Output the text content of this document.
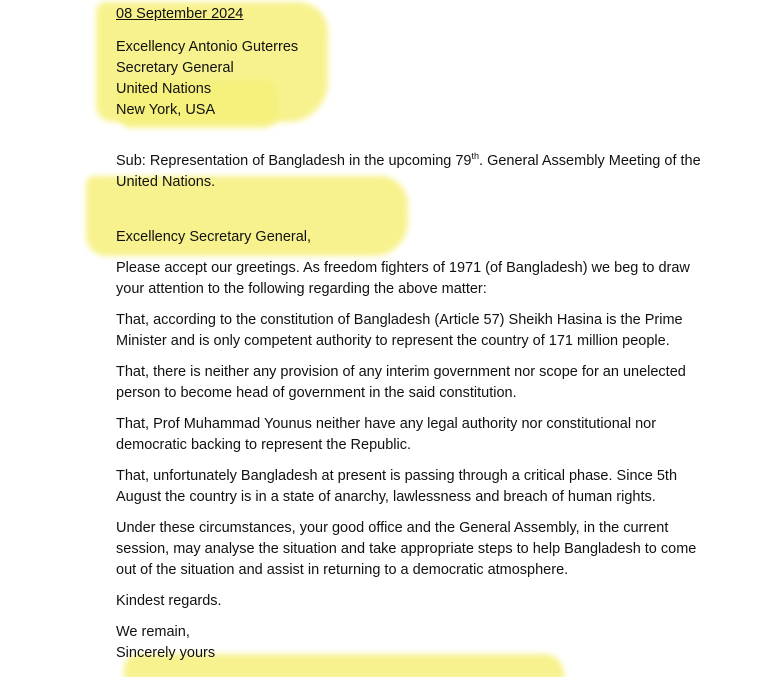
08 September 2024
Excellency Antonio Guterres
Secretary General
United Nations
New York, USA
Sub: Representation of Bangladesh in the upcoming 79th. General Assembly Meeting of the
United Nations.
Excellency Secretary General,

Please accept our greetings. As freedom fighters of 1971 (of Bangladesh) we beg to draw
your attention to the following regarding the above matter:

That, according to the constitution of Bangladesh (Article 57) Sheikh Hasina is the Prime
Minister and is only competent authority to represent the country of 171 million people.

That, there is neither any provision of any interim government nor scope for an unelected
person to become head of government in the said constitution.

That, Prof Muhammad Younus neither have any legal authority nor constitutional nor
democratic backing to represent the Republic.

That, unfortunately Bangladesh at present is passing through a critical phase. Since 5th
August the country is in a state of anarchy, lawlessness and breach of human rights.

Under these circumstances, your good office and the General Assembly, in the current
session, may analyse the situation and take appropriate steps to help Bangladesh to come
out of the situation and assist in returning to a democratic atmosphere.

Kindest regards.

We remain,
Sincerely yours
